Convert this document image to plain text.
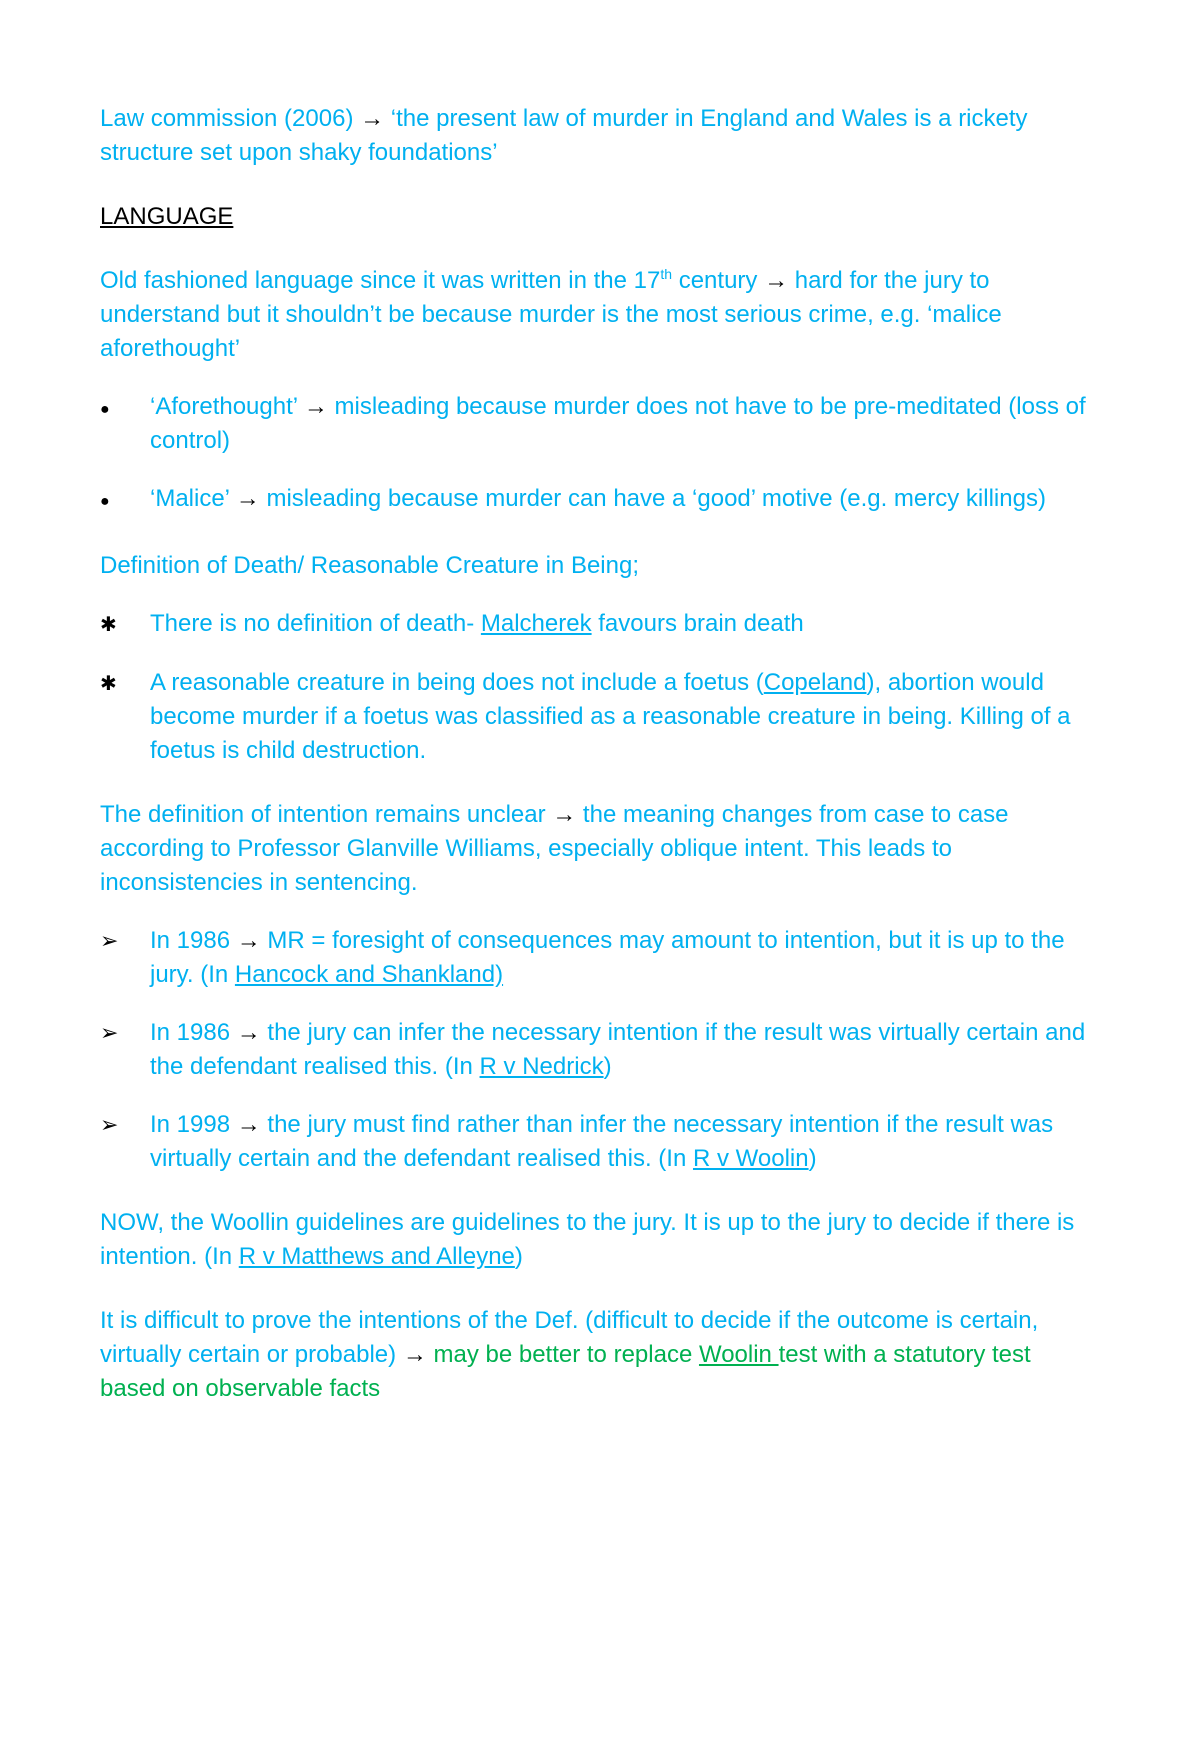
Law commission (2006) → ‘the present law of murder in England and Wales is a rickety structure set upon shaky foundations’

LANGUAGE

Old fashioned language since it was written in the 17th century → hard for the jury to understand but it shouldn’t be because murder is the most serious crime, e.g. ‘malice aforethought’

●
‘Aforethought’ → misleading because murder does not have to be pre-meditated (loss of control)
●
‘Malice’ → misleading because murder can have a ‘good’ motive (e.g. mercy killings)

Definition of Death/ Reasonable Creature in Being;

✱
There is no definition of death- Malcherek favours brain death
✱
A reasonable creature in being does not include a foetus (Copeland), abortion would become murder if a foetus was classified as a reasonable creature in being. Killing of a foetus is child destruction.

The definition of intention remains unclear → the meaning changes from case to case according to Professor Glanville Williams, especially oblique intent. This leads to inconsistencies in sentencing.

➢
In 1986 → MR = foresight of consequences may amount to intention, but it is up to the jury. (In Hancock and Shankland)
➢
In 1986 → the jury can infer the necessary intention if the result was virtually certain and the defendant realised this. (In R v Nedrick)
➢
In 1998 → the jury must find rather than infer the necessary intention if the result was virtually certain and the defendant realised this. (In R v Woolin)

NOW, the Woollin guidelines are guidelines to the jury. It is up to the jury to decide if there is intention. (In R v Matthews and Alleyne)

It is difficult to prove the intentions of the Def. (difficult to decide if the outcome is certain, virtually certain or probable) → may be better to replace Woolin test with a statutory test based on observable facts
